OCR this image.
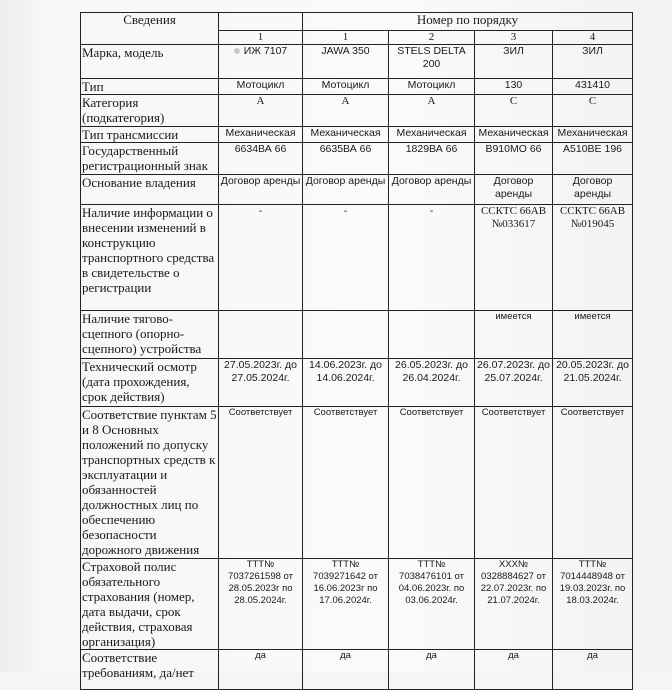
Сведения		Номер по порядку			
	1	1	2	3	4
Марка, модель	ИЖ 7107	JAWA 350	STELS DELTA 200	ЗИЛ	ЗИЛ
Тип	Мотоцикл	Мотоцикл	Мотоцикл	130	431410
Категория (подкатегория)	А	А	А	С	С
Тип трансмиссии	Механическая	Механическая	Механическая	Механическая	Механическая
Государственный регистрационный знак	6634ВА 66	6635ВА 66	1829ВА 66	В910МО 66	А510ВЕ 196
Основание владения	Договор аренды	Договор аренды	Договор аренды	Договор аренды	Договор аренды
Наличие информации о внесении изменений в конструкцию транспортного средства в свидетельстве о регистрации	-	-	-	ССКТС 66АВ №033617	ССКТС 66АВ №019045
Наличие тягово-сцепного (опорно-сцепного) устройства				имеется	имеется
Технический осмотр (дата прохождения, срок действия)	27.05.2023г. до 27.05.2024г.	14.06.2023г. до 14.06.2024г.	26.05.2023г. до 26.04.2024г.	26.07.2023г. до 25.07.2024г.	20.05.2023г. до 21.05.2024г.
Соответствие пунктам 5 и 8 Основных положений по допуску транспортных средств к эксплуатации и обязанностей должностных лиц по обеспечению безопасности дорожного движения	Соответствует	Соответствует	Соответствует	Соответствует	Соответствует
Страховой полис обязательного страхования (номер, дата выдачи, срок действия, страховая организация)	ТТТ№ 7037261598 от 28.05.2023г по 28.05.2024г.	ТТТ№ 7039271642 от 16.06.2023г по 17.06.2024г.	ТТТ№ 7038476101 от 04.06.2023г. по 03.06.2024г.	ХХХ№ 0328884627 от 22.07.2023г. по 21.07.2024г.	ТТТ№ 7014448948 от 19.03.2023г. по 18.03.2024г.
Соответствие требованиям, да/нет	да	да	да	да	да
